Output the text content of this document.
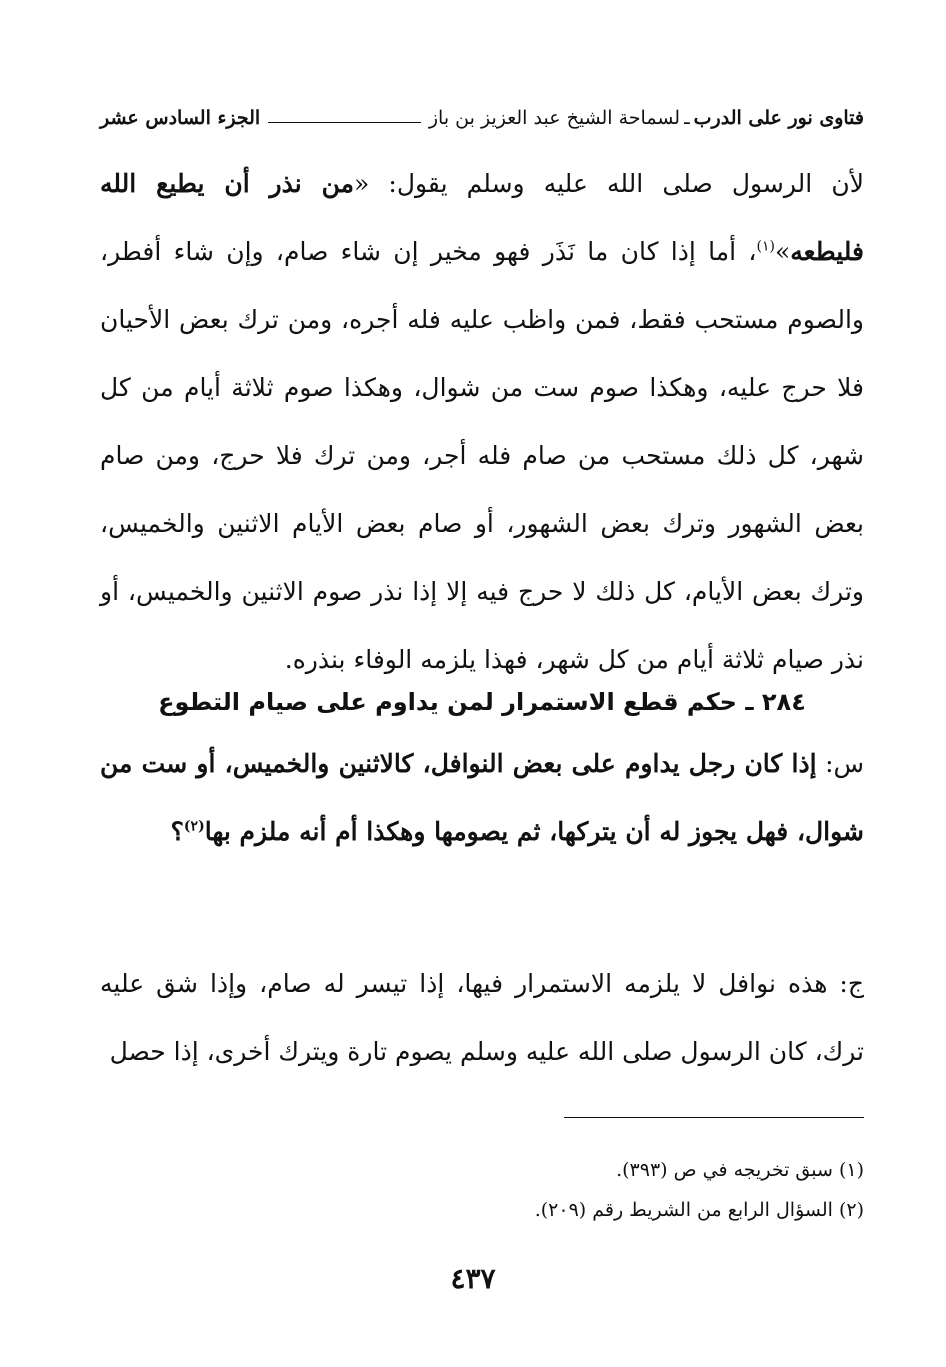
فتاوى نور على الدرب
ـ
لسماحة الشيخ عبد العزيز بن باز
الجزء السادس عشر

لأن الرسول صلى الله عليه وسلم يقول: «من نذر أن يطيع الله فليطعه»$^{(١)}$، أما إذا كان ما نَذَر فهو مخير إن شاء صام، وإن شاء أفطر، والصوم مستحب فقط، فمن واظب عليه فله أجره، ومن ترك بعض الأحيان فلا حرج عليه، وهكذا صوم ست من شوال، وهكذا صوم ثلاثة أيام من كل شهر، كل ذلك مستحب من صام فله أجر، ومن ترك فلا حرج، ومن صام بعض الشهور وترك بعض الشهور، أو صام بعض الأيام الاثنين والخميس، وترك بعض الأيام، كل ذلك لا حرج فيه إلا إذا نذر صوم الاثنين والخميس، أو نذر صيام ثلاثة أيام من كل شهر، فهذا يلزمه الوفاء بنذره.

٢٨٤ ـ حكم قطع الاستمرار لمن يداوم على صيام التطوع

س: إذا كان رجل يداوم على بعض النوافل، كالاثنين والخميس، أو ست من شوال، فهل يجوز له أن يتركها، ثم يصومها وهكذا أم أنه ملزم بها$^{(٢)}$؟

ج: هذه نوافل لا يلزمه الاستمرار فيها، إذا تيسر له صام، وإذا شق عليه ترك، كان الرسول صلى الله عليه وسلم يصوم تارة ويترك أخرى، إذا حصل

(١) سبق تخريجه في ص (٣٩٣).
(٢) السؤال الرابع من الشريط رقم (٢٠٩).
٤٣٧
